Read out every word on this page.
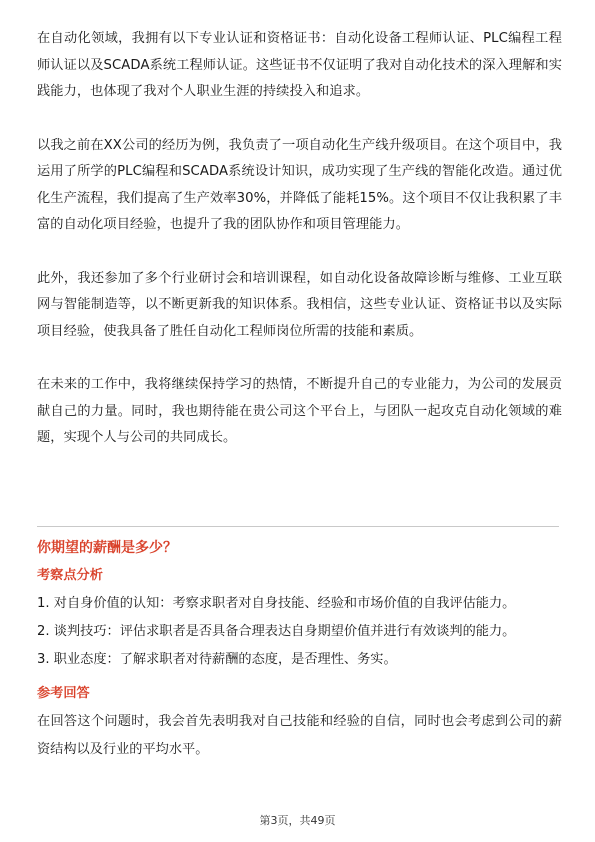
在自动化领域，我拥有以下专业认证和资格证书：自动化设备工程师认证、PLC编程工程师认证以及SCADA系统工程师认证。这些证书不仅证明了我对自动化技术的深入理解和实践能力，也体现了我对个人职业生涯的持续投入和追求。

以我之前在XX公司的经历为例，我负责了一项自动化生产线升级项目。在这个项目中，我运用了所学的PLC编程和SCADA系统设计知识，成功实现了生产线的智能化改造。通过优化生产流程，我们提高了生产效率30%，并降低了能耗15%。这个项目不仅让我积累了丰富的自动化项目经验，也提升了我的团队协作和项目管理能力。

此外，我还参加了多个行业研讨会和培训课程，如自动化设备故障诊断与维修、工业互联网与智能制造等，以不断更新我的知识体系。我相信，这些专业认证、资格证书以及实际项目经验，使我具备了胜任自动化工程师岗位所需的技能和素质。

在未来的工作中，我将继续保持学习的热情，不断提升自己的专业能力，为公司的发展贡献自己的力量。同时，我也期待能在贵公司这个平台上，与团队一起攻克自动化领域的难题，实现个人与公司的共同成长。

你期望的薪酬是多少？
考察点分析
1. 对自身价值的认知：考察求职者对自身技能、经验和市场价值的自我评估能力。
2. 谈判技巧：评估求职者是否具备合理表达自身期望价值并进行有效谈判的能力。
3. 职业态度：了解求职者对待薪酬的态度，是否理性、务实。
参考回答

在回答这个问题时，我会首先表明我对自己技能和经验的自信，同时也会考虑到公司的薪资结构以及行业的平均水平。

第3页，共49页
